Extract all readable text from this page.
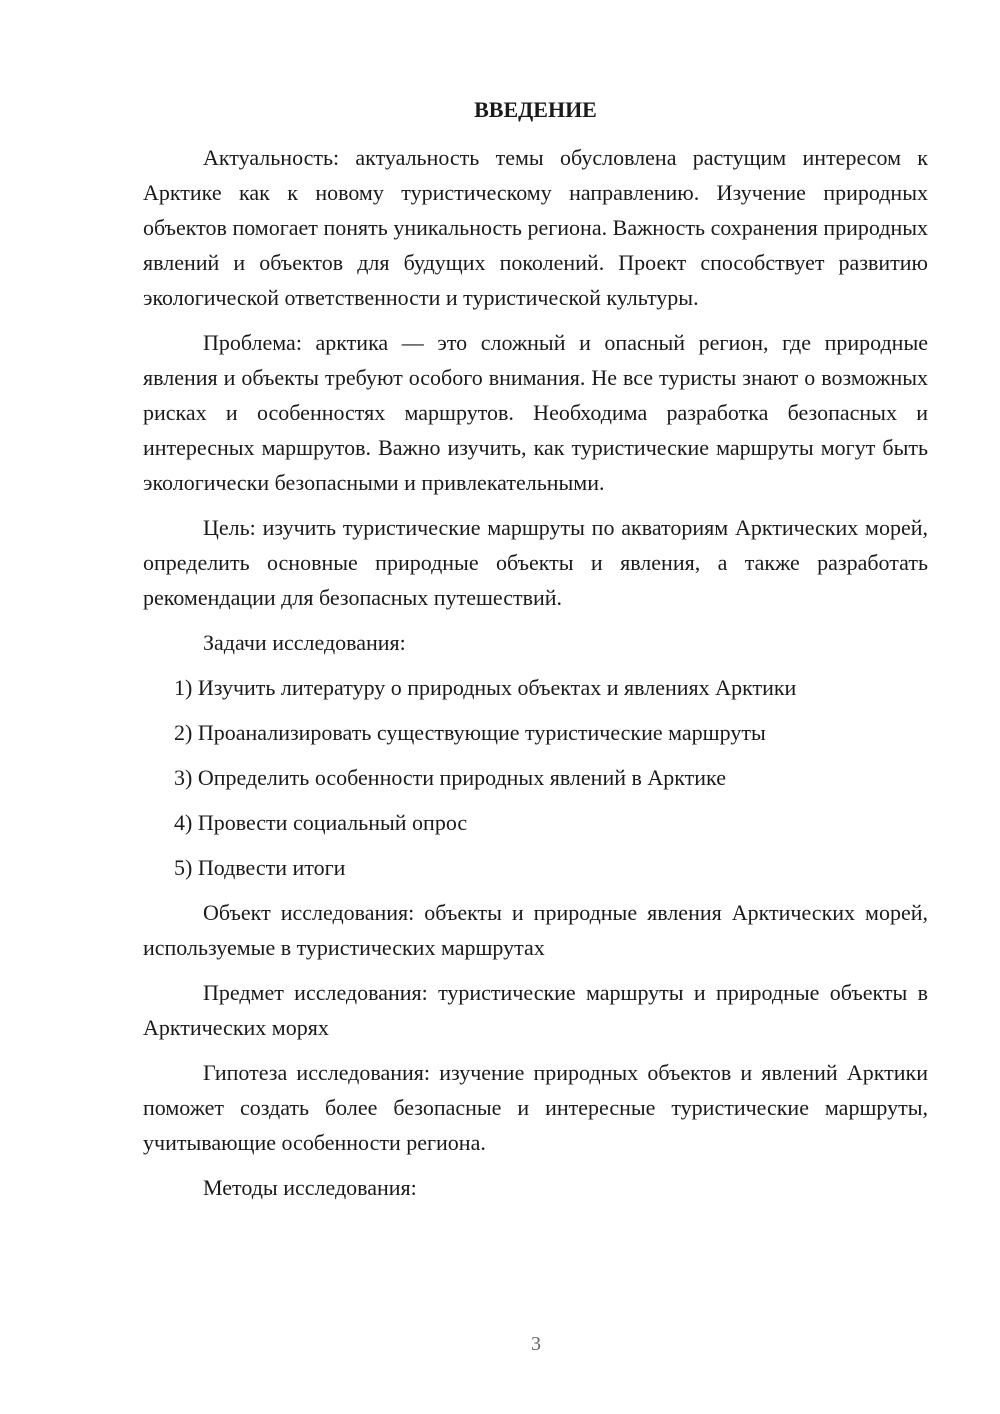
ВВЕДЕНИЕ

Актуальность: актуальность темы обусловлена растущим интересом к Арктике как к новому туристическому направлению. Изучение природных объектов помогает понять уникальность региона. Важность сохранения природных явлений и объектов для будущих поколений. Проект способствует развитию экологической ответственности и туристической культуры.

Проблема: арктика — это сложный и опасный регион, где природные явления и объекты требуют особого внимания. Не все туристы знают о возможных рисках и особенностях маршрутов. Необходима разработка безопасных и интересных маршрутов. Важно изучить, как туристические маршруты могут быть экологически безопасными и привлекательными.

Цель: изучить туристические маршруты по акваториям Арктических морей, определить основные природные объекты и явления, а также разработать рекомендации для безопасных путешествий.

Задачи исследования:

1) Изучить литературу о природных объектах и явлениях Арктики
2) Проанализировать существующие туристические маршруты
3) Определить особенности природных явлений в Арктике
4) Провести социальный опрос
5) Подвести итоги

Объект исследования: объекты и природные явления Арктических морей, используемые в туристических маршрутах

Предмет исследования: туристические маршруты и природные объекты в Арктических морях

Гипотеза исследования: изучение природных объектов и явлений Арктики поможет создать более безопасные и интересные туристические маршруты, учитывающие особенности региона.

Методы исследования:

3
